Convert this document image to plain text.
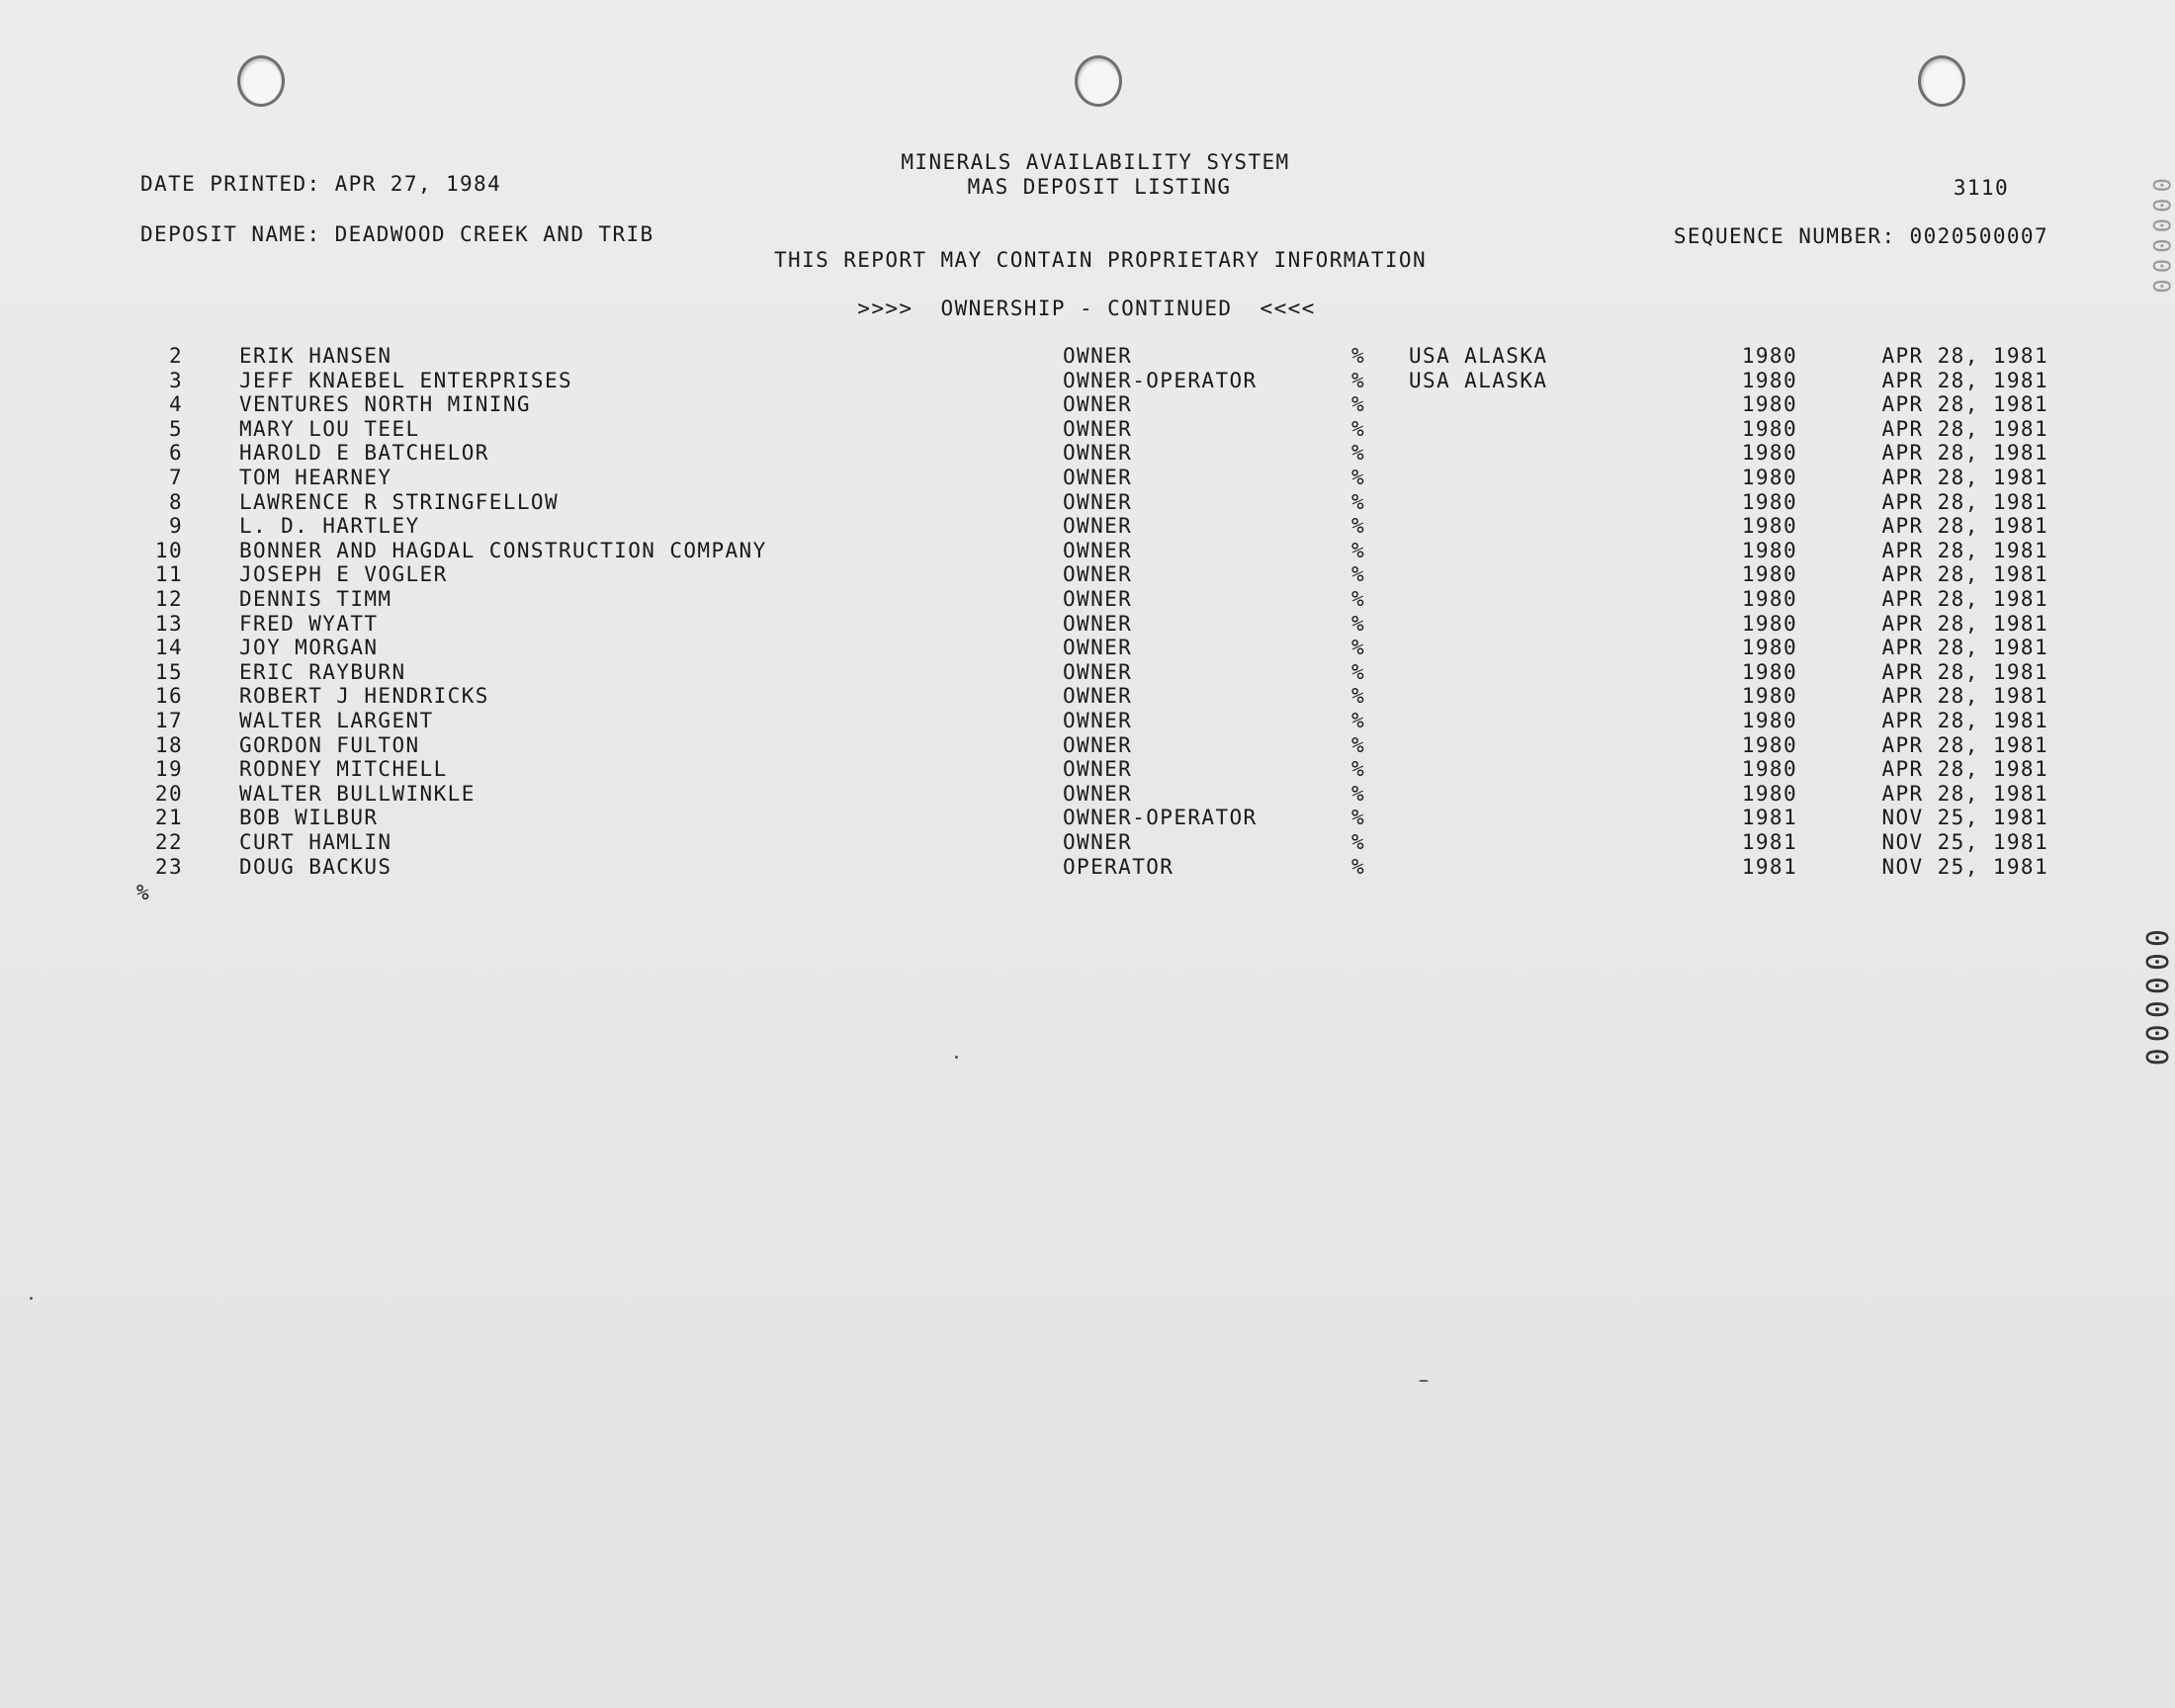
MINERALS AVAILABILITY SYSTEM
MAS DEPOSIT LISTING
DATE PRINTED: APR 27, 1984	3110
DEPOSIT NAME: DEADWOOD CREEK AND TRIB	SEQUENCE NUMBER: 0020500007
THIS REPORT MAY CONTAIN PROPRIETARY INFORMATION
>>>>  OWNERSHIP - CONTINUED  <<<<
2	ERIK HANSEN	OWNER	% USA ALASKA	1980	APR 28, 1981
3	JEFF KNAEBEL ENTERPRISES	OWNER-OPERATOR	% USA ALASKA	1980	APR 28, 1981
4	VENTURES NORTH MINING	OWNER	%	1980	APR 28, 1981
5	MARY LOU TEEL	OWNER	%	1980	APR 28, 1981
6	HAROLD E BATCHELOR	OWNER	%	1980	APR 28, 1981
7	TOM HEARNEY	OWNER	%	1980	APR 28, 1981
8	LAWRENCE R STRINGFELLOW	OWNER	%	1980	APR 28, 1981
9	L. D. HARTLEY	OWNER	%	1980	APR 28, 1981
10	BONNER AND HAGDAL CONSTRUCTION COMPANY	OWNER	%	1980	APR 28, 1981
11	JOSEPH E VOGLER	OWNER	%	1980	APR 28, 1981
12	DENNIS TIMM	OWNER	%	1980	APR 28, 1981
13	FRED WYATT	OWNER	%	1980	APR 28, 1981
14	JOY MORGAN	OWNER	%	1980	APR 28, 1981
15	ERIC RAYBURN	OWNER	%	1980	APR 28, 1981
16	ROBERT J HENDRICKS	OWNER	%	1980	APR 28, 1981
17	WALTER LARGENT	OWNER	%	1980	APR 28, 1981
18	GORDON FULTON	OWNER	%	1980	APR 28, 1981
19	RODNEY MITCHELL	OWNER	%	1980	APR 28, 1981
20	WALTER BULLWINKLE	OWNER	%	1980	APR 28, 1981
21	BOB WILBUR	OWNER-OPERATOR	%	1981	NOV 25, 1981
22	CURT HAMLIN	OWNER	%	1981	NOV 25, 1981
23	DOUG BACKUS	OPERATOR	%	1981	NOV 25, 1981
%
000000
000000
